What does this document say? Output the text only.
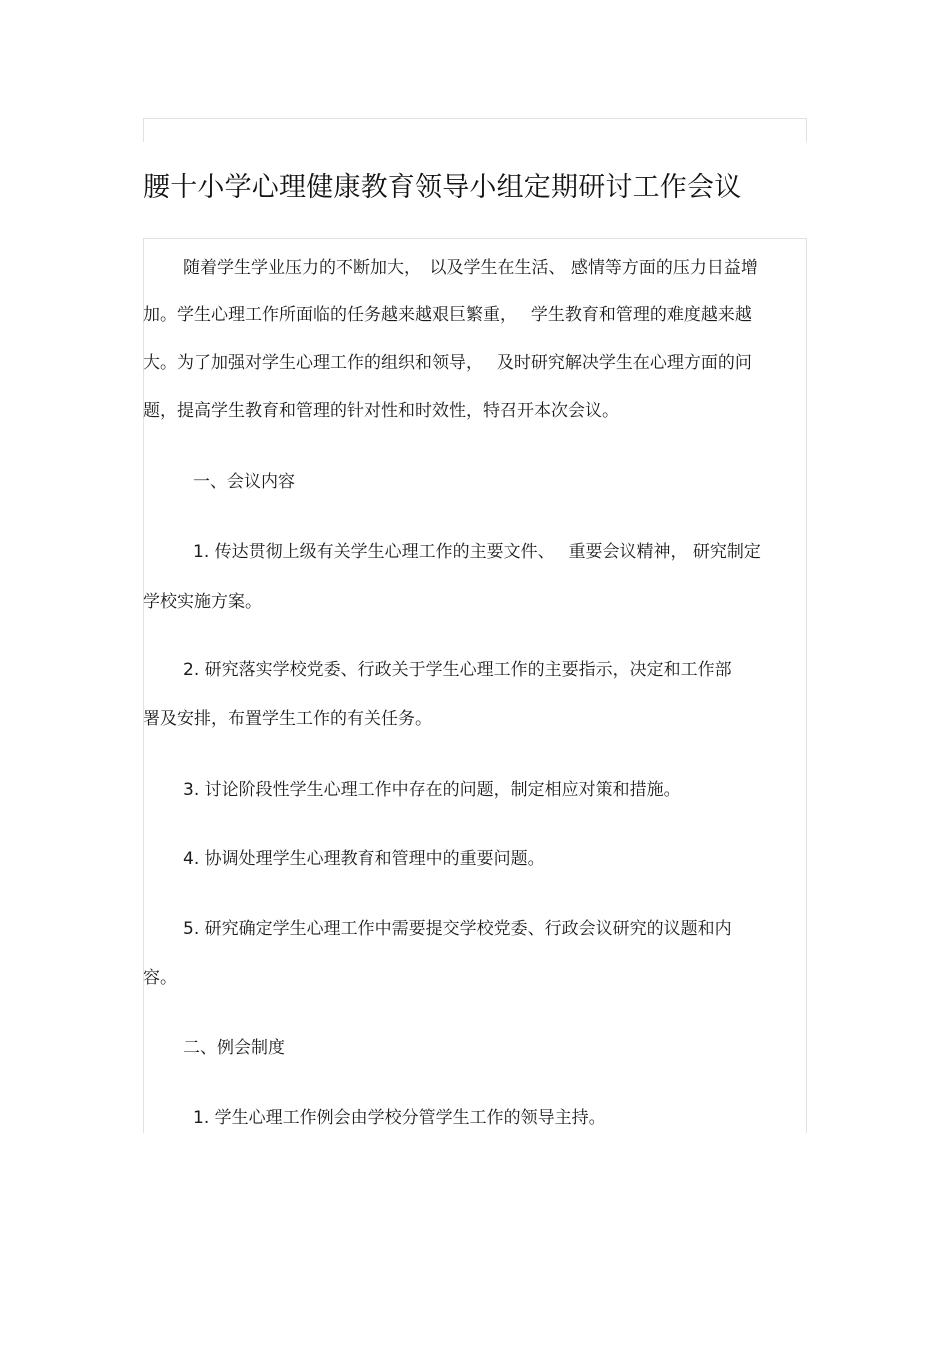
腰十小学心理健康教育领导小组定期研讨工作会议
随着学生学业压力的不断加大，　以及学生在生活、 感情等方面的压力日益增
加。学生心理工作所面临的任务越来越艰巨繁重，　 学生教育和管理的难度越来越
大。为了加强对学生心理工作的组织和领导，　 及时研究解决学生在心理方面的问
题，提高学生教育和管理的针对性和时效性，特召开本次会议。
一、会议内容
1. 传达贯彻上级有关学生心理工作的主要文件、　 重要会议精神， 研究制定
学校实施方案。
2. 研究落实学校党委、行政关于学生心理工作的主要指示，决定和工作部
署及安排，布置学生工作的有关任务。
3. 讨论阶段性学生心理工作中存在的问题，制定相应对策和措施。
4. 协调处理学生心理教育和管理中的重要问题。
5. 研究确定学生心理工作中需要提交学校党委、行政会议研究的议题和内
容。
二、例会制度
1. 学生心理工作例会由学校分管学生工作的领导主持。
